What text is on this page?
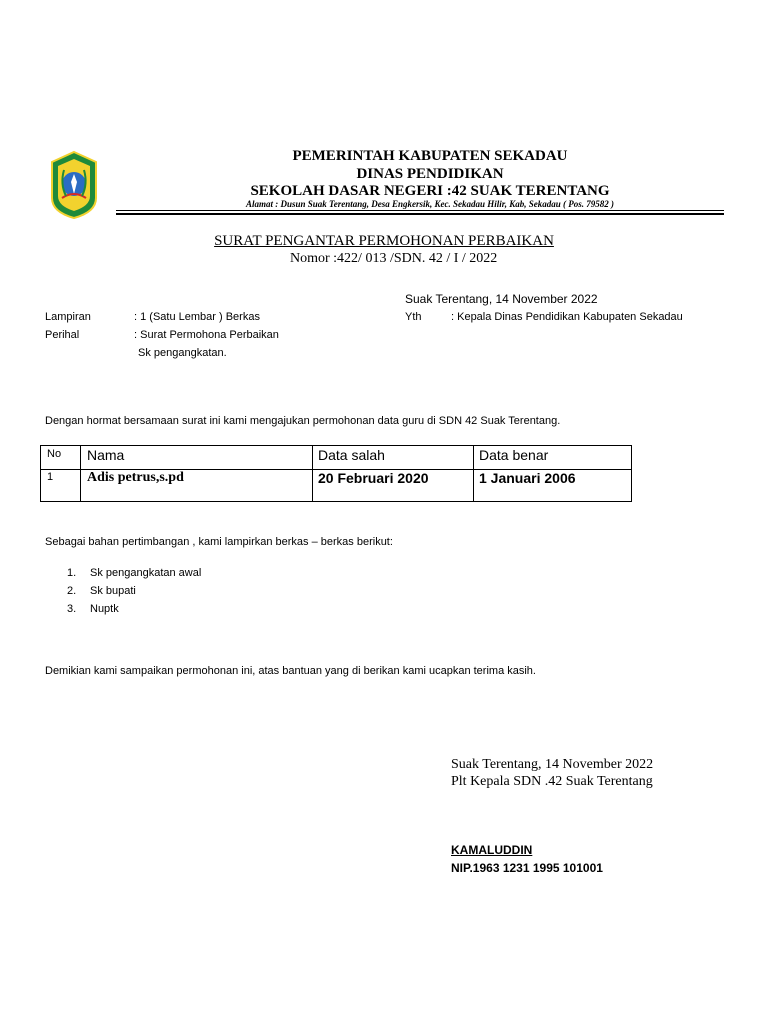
PEMERINTAH KABUPATEN SEKADAU
DINAS PENDIDIKAN
SEKOLAH DASAR NEGERI :42 SUAK TERENTANG
Alamat : Dusun Suak Terentang, Desa Engkersik, Kec. Sekadau Hilir, Kab, Sekadau ( Pos. 79582 )
SURAT PENGANTAR PERMOHONAN PERBAIKAN
Nomor :422/ 013 /SDN. 42 / I / 2022
Suak Terentang, 14 November 2022
Lampiran	: 1 (Satu Lembar ) Berkas	Yth	: Kepala Dinas Pendidikan Kabupaten Sekadau
Perihal	: Surat Permohona Perbaikan
Sk pengangkatan.
Dengan hormat bersamaan surat ini kami mengajukan permohonan data guru di SDN 42 Suak Terentang.
No Nama	Data salah	Data benar
1 Adis petrus,s.pd	20 Februari 2020	1 Januari 2006
Sebagai bahan pertimbangan , kami lampirkan berkas – berkas berikut:
1. Sk pengangkatan awal
2. Sk bupati
3. Nuptk
Demikian kami sampaikan permohonan ini, atas bantuan yang di berikan kami ucapkan terima kasih.
Suak Terentang, 14 November 2022
Plt Kepala SDN .42 Suak Terentang
KAMALUDDIN
NIP.1963 1231 1995 101001
